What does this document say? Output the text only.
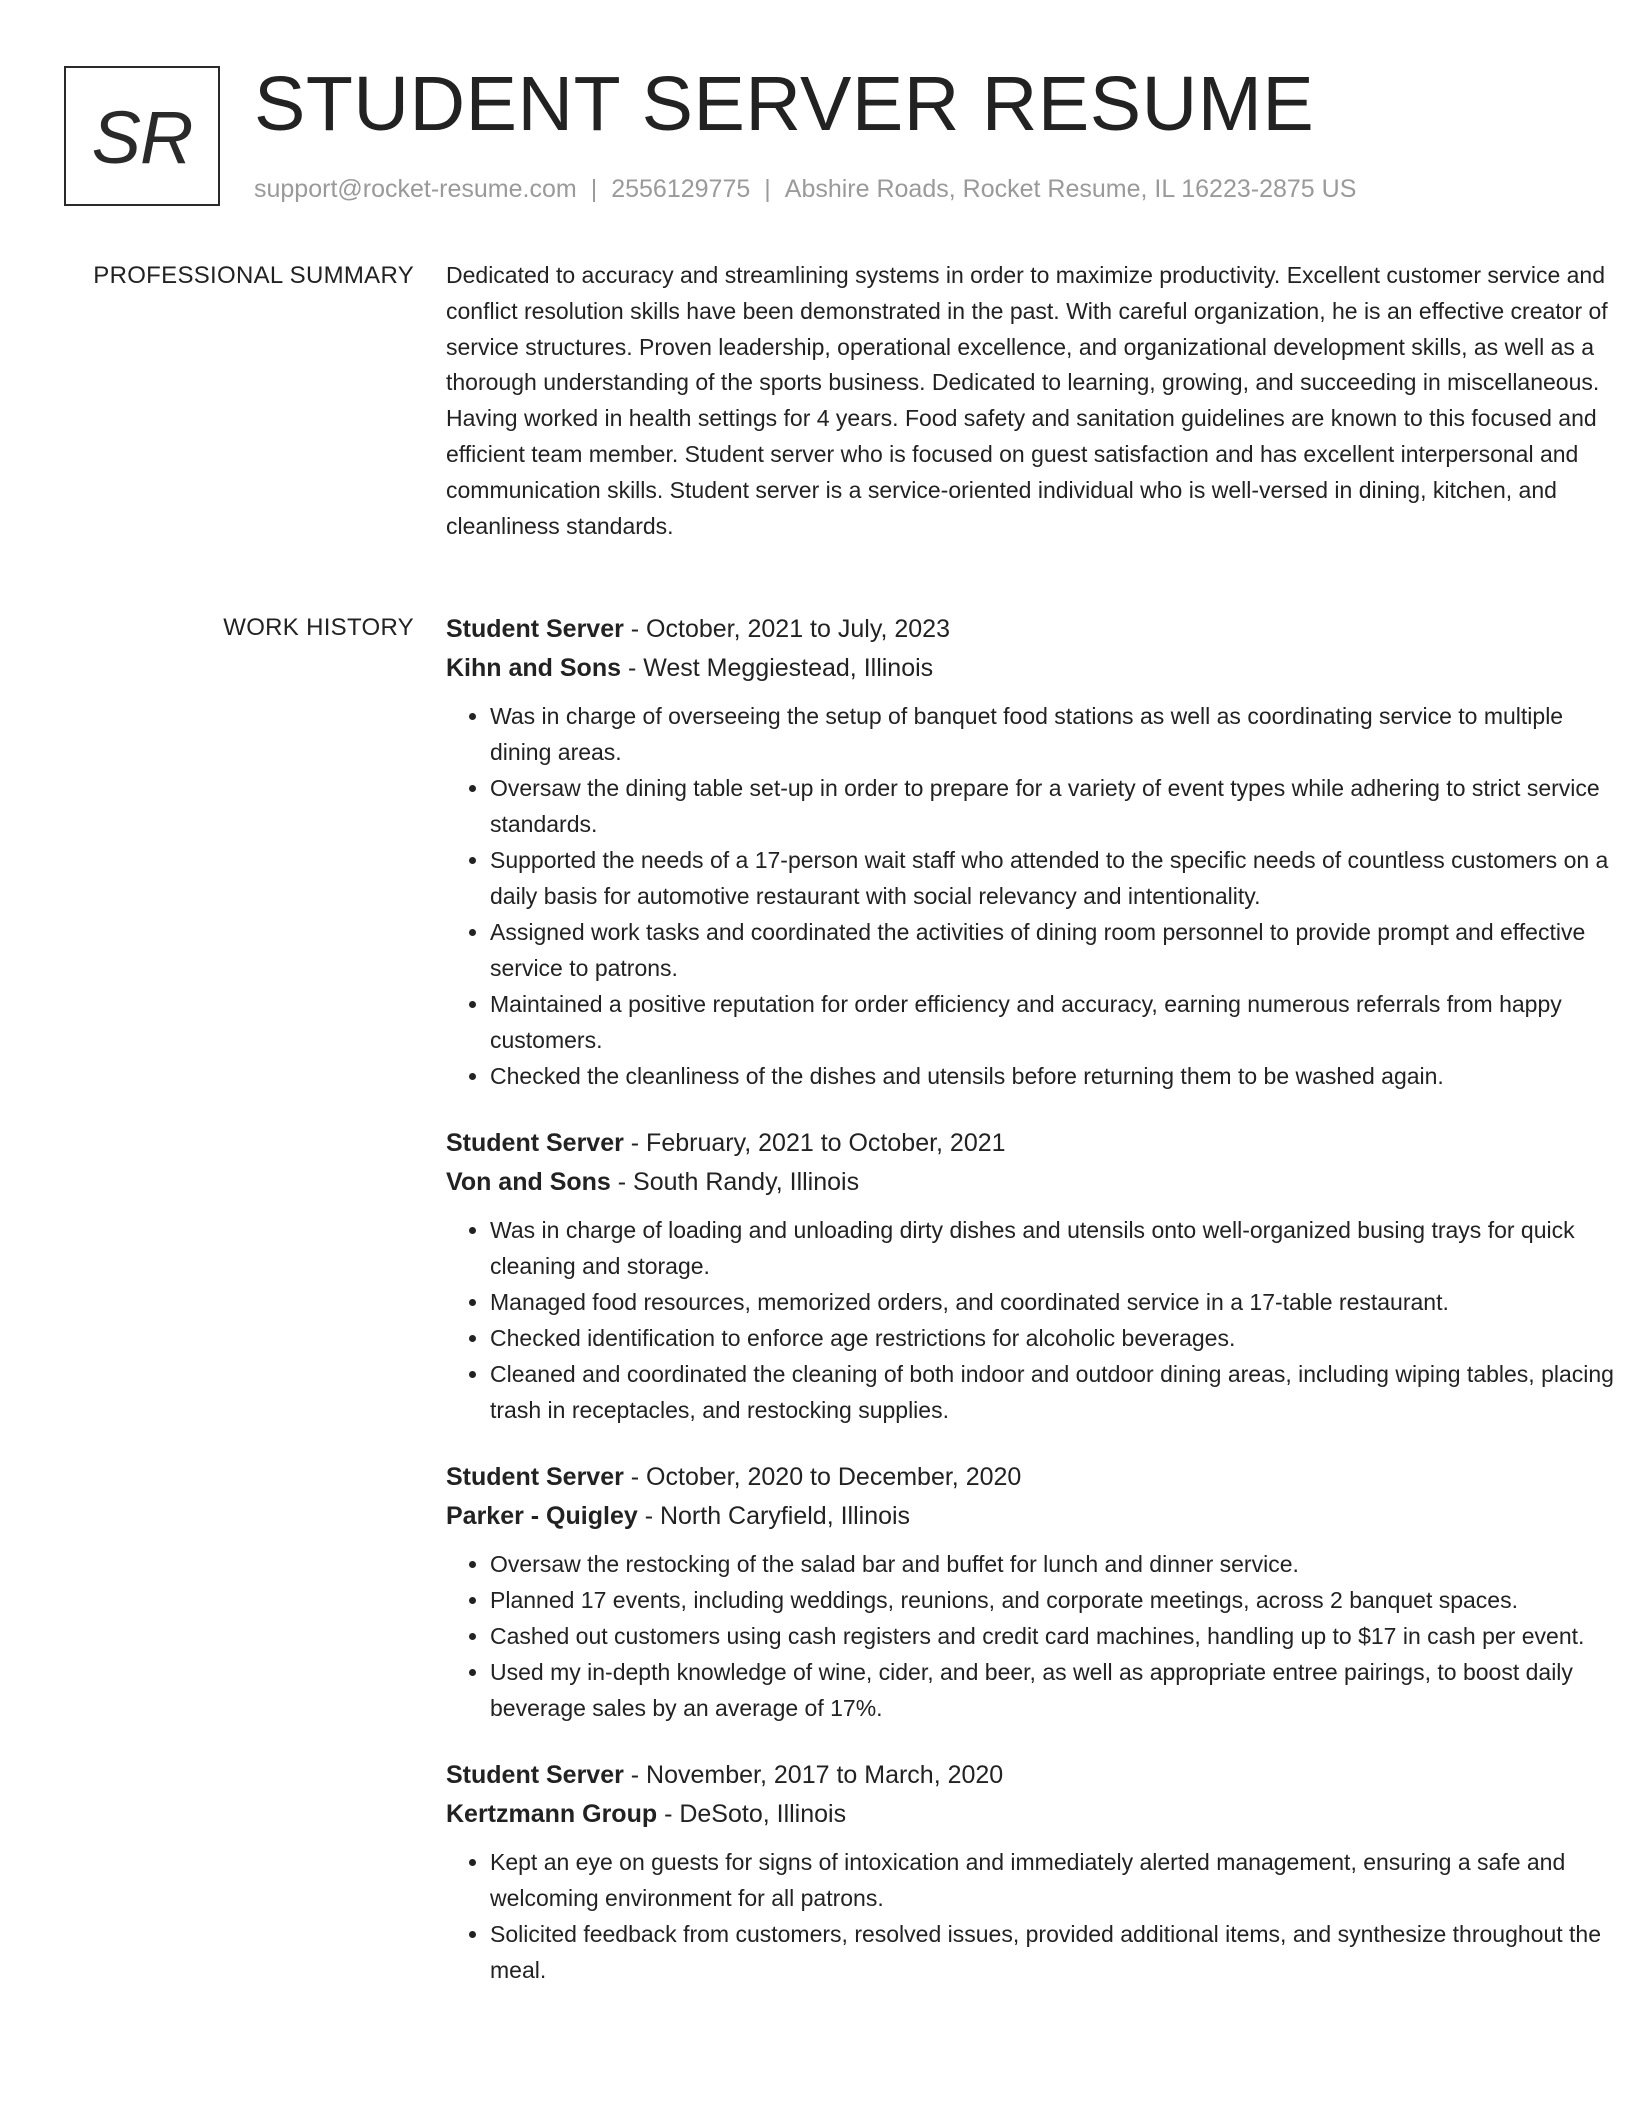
SR STUDENT SERVER RESUME
support@rocket-resume.com | 2556129775 | Abshire Roads, Rocket Resume, IL 16223-2875 US
PROFESSIONAL SUMMARY Dedicated to accuracy and streamlining systems in order to maximize productivity. Excellent customer service and conflict resolution skills have been demonstrated in the past. With careful organization, he is an effective creator of service structures. Proven leadership, operational excellence, and organizational development skills, as well as a thorough understanding of the sports business. Dedicated to learning, growing, and succeeding in miscellaneous. Having worked in health settings for 4 years. Food safety and sanitation guidelines are known to this focused and efficient team member. Student server who is focused on guest satisfaction and has excellent interpersonal and communication skills. Student server is a service-oriented individual who is well-versed in dining, kitchen, and cleanliness standards.
WORK HISTORY Student Server - October, 2021 to July, 2023
Kihn and Sons - West Meggiestead, Illinois
• Was in charge of overseeing the setup of banquet food stations as well as coordinating service to multiple dining areas.
• Oversaw the dining table set-up in order to prepare for a variety of event types while adhering to strict service standards.
• Supported the needs of a 17-person wait staff who attended to the specific needs of countless customers on a daily basis for automotive restaurant with social relevancy and intentionality.
• Assigned work tasks and coordinated the activities of dining room personnel to provide prompt and effective service to patrons.
• Maintained a positive reputation for order efficiency and accuracy, earning numerous referrals from happy customers.
• Checked the cleanliness of the dishes and utensils before returning them to be washed again.
Student Server - February, 2021 to October, 2021
Von and Sons - South Randy, Illinois
• Was in charge of loading and unloading dirty dishes and utensils onto well-organized busing trays for quick cleaning and storage.
• Managed food resources, memorized orders, and coordinated service in a 17-table restaurant.
• Checked identification to enforce age restrictions for alcoholic beverages.
• Cleaned and coordinated the cleaning of both indoor and outdoor dining areas, including wiping tables, placing trash in receptacles, and restocking supplies.
Student Server - October, 2020 to December, 2020
Parker - Quigley - North Caryfield, Illinois
• Oversaw the restocking of the salad bar and buffet for lunch and dinner service.
• Planned 17 events, including weddings, reunions, and corporate meetings, across 2 banquet spaces.
• Cashed out customers using cash registers and credit card machines, handling up to $17 in cash per event.
• Used my in-depth knowledge of wine, cider, and beer, as well as appropriate entree pairings, to boost daily beverage sales by an average of 17%.
Student Server - November, 2017 to March, 2020
Kertzmann Group - DeSoto, Illinois
• Kept an eye on guests for signs of intoxication and immediately alerted management, ensuring a safe and welcoming environment for all patrons.
• Solicited feedback from customers, resolved issues, provided additional items, and synthesize throughout the meal.
